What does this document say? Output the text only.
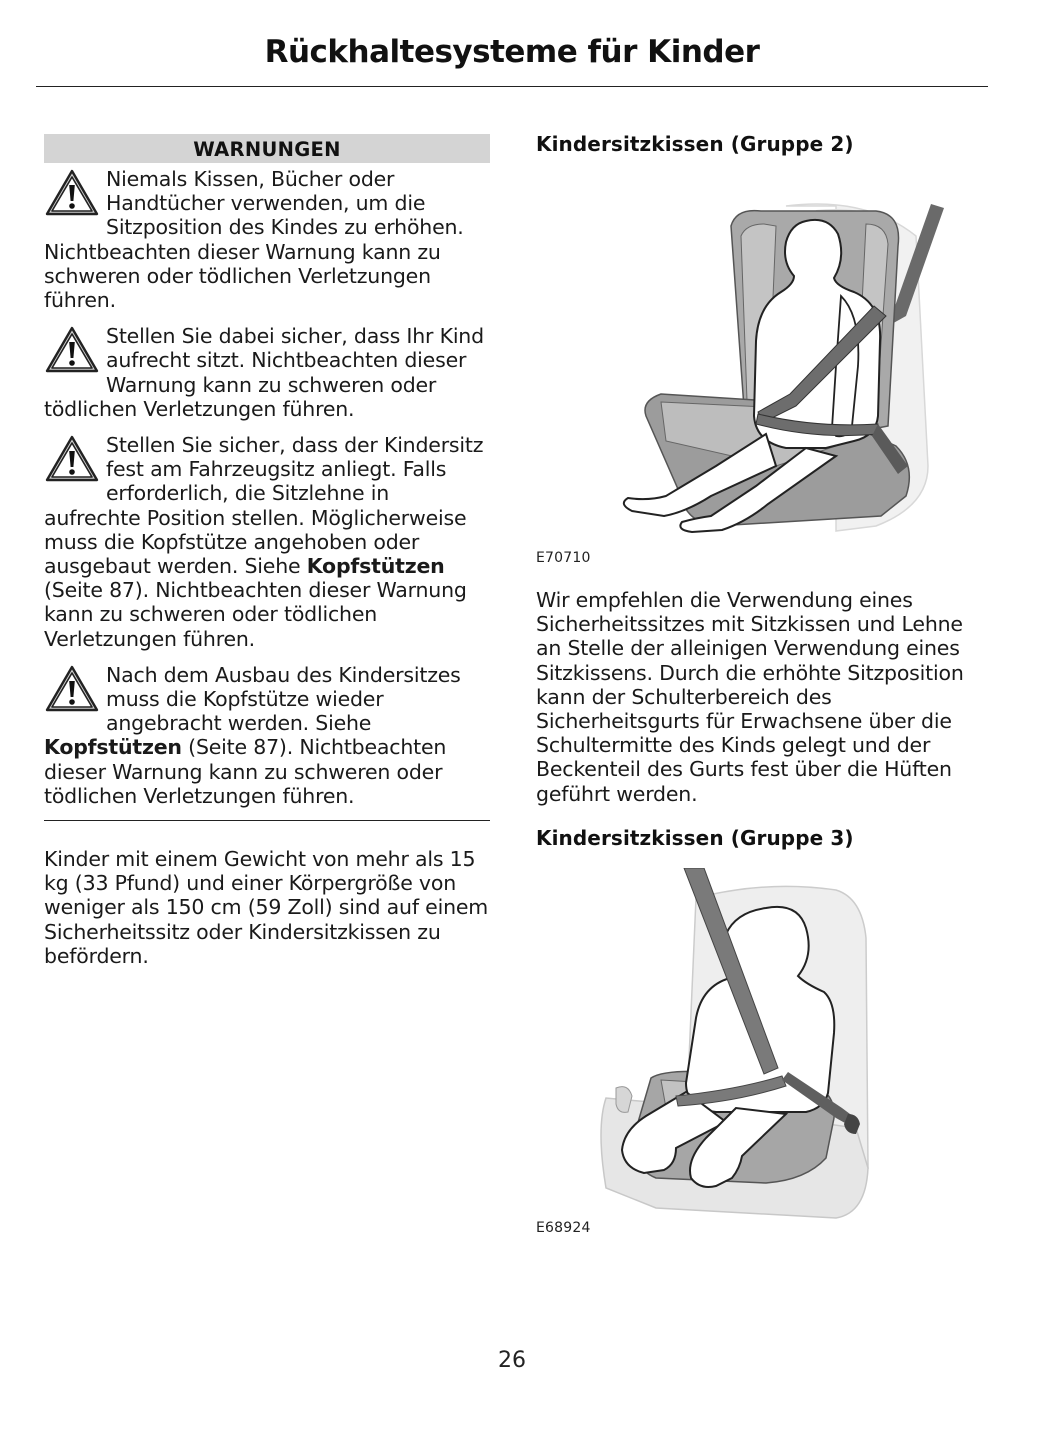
Rückhaltesysteme für Kinder
WARNUNGEN
Niemals Kissen, Bücher oder Handtücher verwenden, um die Sitzposition des Kindes zu erhöhen. Nichtbeachten dieser Warnung kann zu schweren oder tödlichen Verletzungen führen.
Stellen Sie dabei sicher, dass Ihr Kind aufrecht sitzt. Nichtbeachten dieser Warnung kann zu schweren oder tödlichen Verletzungen führen.
Stellen Sie sicher, dass der Kindersitz fest am Fahrzeugsitz anliegt. Falls erforderlich, die Sitzlehne in aufrechte Position stellen. Möglicherweise muss die Kopfstütze angehoben oder ausgebaut werden. Siehe Kopfstützen (Seite 87). Nichtbeachten dieser Warnung kann zu schweren oder tödlichen Verletzungen führen.
Nach dem Ausbau des Kindersitzes muss die Kopfstütze wieder angebracht werden. Siehe Kopfstützen (Seite 87). Nichtbeachten dieser Warnung kann zu schweren oder tödlichen Verletzungen führen.
Kinder mit einem Gewicht von mehr als 15 kg (33 Pfund) und einer Körpergröße von weniger als 150 cm (59 Zoll) sind auf einem Sicherheitssitz oder Kindersitzkissen zu befördern.
Kindersitzkissen (Gruppe 2)
E70710
Wir empfehlen die Verwendung eines Sicherheitssitzes mit Sitzkissen und Lehne an Stelle der alleinigen Verwendung eines Sitzkissens. Durch die erhöhte Sitzposition kann der Schulterbereich des Sicherheitsgurts für Erwachsene über die Schultermitte des Kinds gelegt und der Beckenteil des Gurts fest über die Hüften geführt werden.
Kindersitzkissen (Gruppe 3)
E68924
26
